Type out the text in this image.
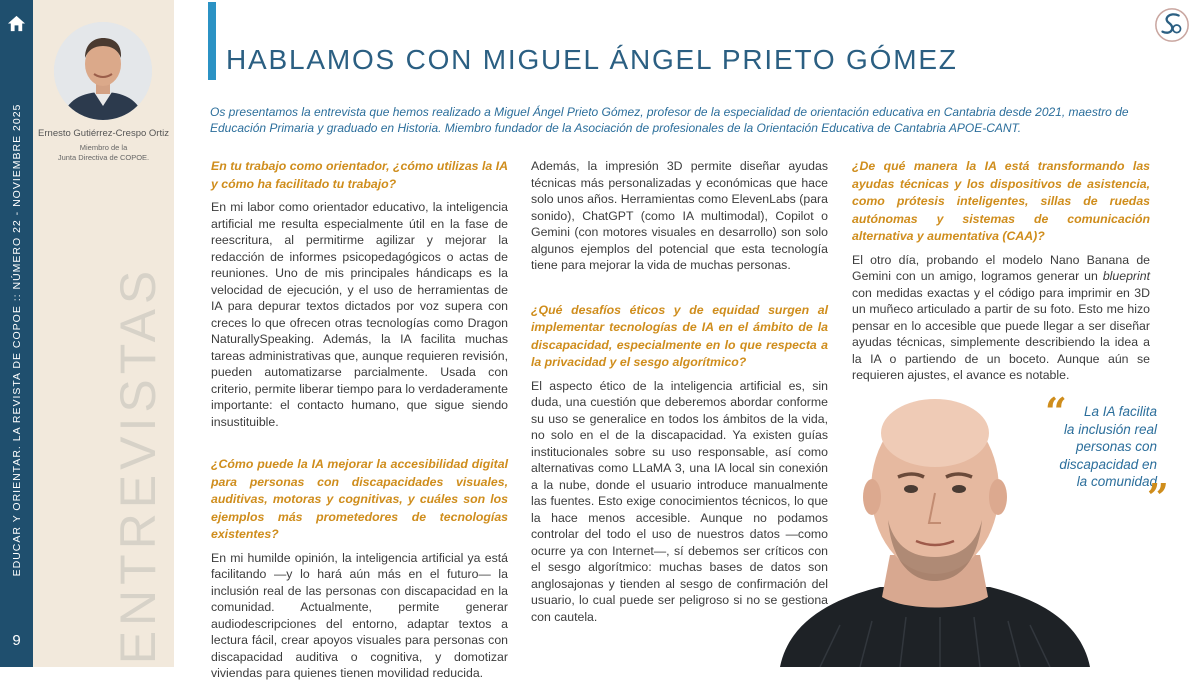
EDUCAR Y ORIENTAR. LA REVISTA DE COPOE :: NÚMERO 22 - NOVIEMBRE 2025
9
Ernesto Gutiérrez-Crespo Ortiz
Miembro de la
Junta Directiva de COPOE.
ENTREVISTAS
HABLAMOS CON MIGUEL ÁNGEL PRIETO GÓMEZ

Os presentamos la entrevista que hemos realizado a Miguel Ángel Prieto Gómez, profesor de la especialidad de orientación educativa en Cantabria desde 2021, maestro de Educación Primaria y graduado en Historia. Miembro fundador de la Asociación de profesionales de la Orientación Educativa de Cantabria APOE-CANT.

En tu trabajo como orientador, ¿cómo utilizas la IA y cómo ha facilitado tu trabajo?

En mi labor como orientador educativo, la inteligencia artificial me resulta especialmente útil en la fase de reescritura, al permitirme agilizar y mejorar la redacción de informes psicopedagógicos o actas de reuniones. Uno de mis principales hándicaps es la velocidad de ejecución, y el uso de herramientas de IA para depurar textos dictados por voz supera con creces lo que ofrecen otras tecnologías como Dragon NaturallySpeaking. Además, la IA facilita muchas tareas administrativas que, aunque requieren revisión, pueden automatizarse parcialmente. Usada con criterio, permite liberar tiempo para lo verdaderamente importante: el contacto humano, que sigue siendo insustituible.

¿Cómo puede la IA mejorar la accesibilidad digital para personas con discapacidades visuales, auditivas, motoras y cognitivas, y cuáles son los ejemplos más prometedores de tecnologías existentes?

En mi humilde opinión, la inteligencia artificial ya está facilitando —y lo hará aún más en el futuro— la inclusión real de las personas con discapacidad en la comunidad. Actualmente, permite generar audiodescripciones del entorno, adaptar textos a lectura fácil, crear apoyos visuales para personas con discapacidad auditiva o cognitiva, y domotizar viviendas para quienes tienen movilidad reducida.

Además, la impresión 3D permite diseñar ayudas técnicas más personalizadas y económicas que hace solo unos años. Herramientas como ElevenLabs (para sonido), ChatGPT (como IA multimodal), Copilot o Gemini (con motores visuales en desarrollo) son solo algunos ejemplos del potencial que esta tecnología tiene para mejorar la vida de muchas personas.

¿Qué desafíos éticos y de equidad surgen al implementar tecnologías de IA en el ámbito de la discapacidad, especialmente en lo que respecta a la privacidad y el sesgo algorítmico?

El aspecto ético de la inteligencia artificial es, sin duda, una cuestión que deberemos abordar conforme su uso se generalice en todos los ámbitos de la vida, no solo en el de la discapacidad. Ya existen guías institucionales sobre su uso responsable, así como alternativas como LLaMA 3, una IA local sin conexión a la nube, donde el usuario introduce manualmente las fuentes. Esto exige conocimientos técnicos, lo que la hace menos accesible. Aunque no podamos controlar del todo el uso de nuestros datos —como ocurre ya con Internet—, sí debemos ser críticos con el sesgo algorítmico: muchas bases de datos son anglosajonas y tienden al sesgo de confirmación del usuario, lo cual puede ser peligroso si no se gestiona con cautela.

¿De qué manera la IA está transformando las ayudas técnicas y los dispositivos de asistencia, como prótesis inteligentes, sillas de ruedas autónomas y sistemas de comunicación alternativa y aumentativa (CAA)?

El otro día, probando el modelo Nano Banana de Gemini con un amigo, logramos generar un blueprint con medidas exactas y el código para imprimir en 3D un muñeco articulado a partir de su foto. Esto me hizo pensar en lo accesible que puede llegar a ser diseñar ayudas técnicas, simplemente describiendo la idea a la IA o partiendo de un boceto. Aunque aún se requieren ajustes, el avance es notable.

“	La IA facilita
la inclusión real
personas con
discapacidad en
la comunidad
”
